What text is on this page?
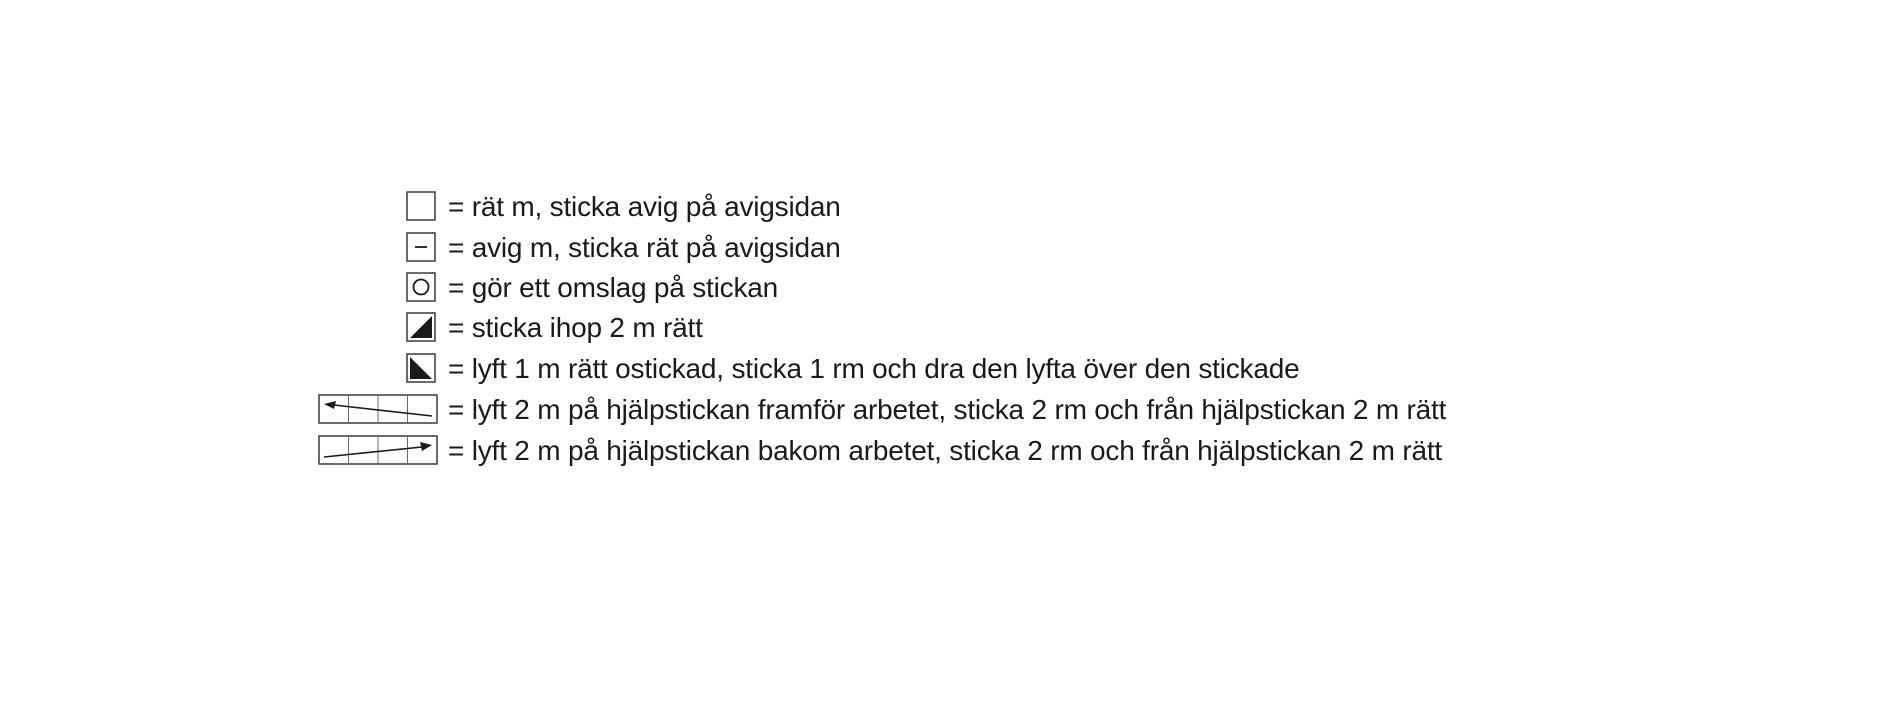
= rät m, sticka avig på avigsidan
= avig m, sticka rät på avigsidan
= gör ett omslag på stickan
= sticka ihop 2 m rätt
= lyft 1 m rätt ostickad, sticka 1 rm och dra den lyfta över den stickade
= lyft 2 m på hjälpstickan framför arbetet, sticka 2 rm och från hjälpstickan 2 m rätt
= lyft 2 m på hjälpstickan bakom arbetet, sticka 2 rm och från hjälpstickan 2 m rätt
